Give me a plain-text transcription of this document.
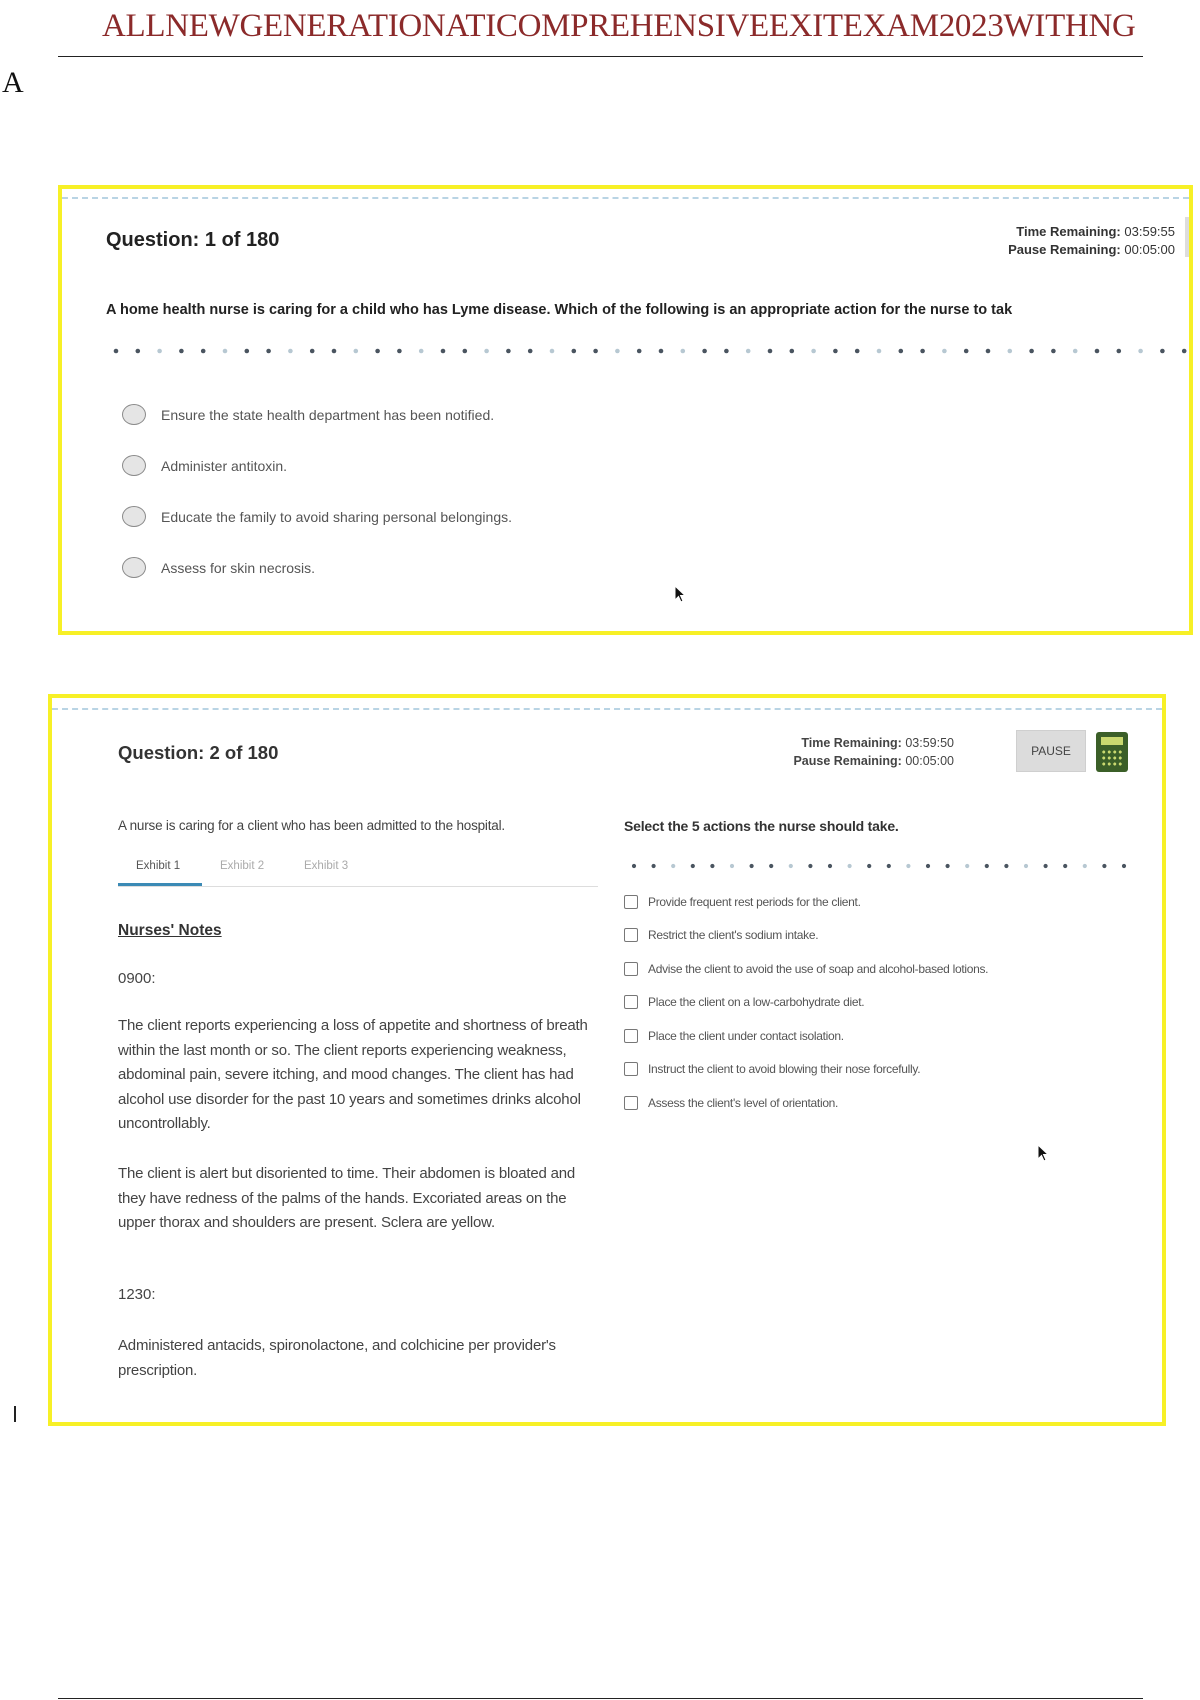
ALLNEWGENERATIONATICOMPREHENSIVEEXITEXAM2023WITHNG
A
Question: 1 of 180	Time Remaining: 03:59:55
Pause Remaining: 00:05:00
A home health nurse is caring for a child who has Lyme disease. Which of the following is an appropriate action for the nurse to tak
Ensure the state health department has been notified.
Administer antitoxin.
Educate the family to avoid sharing personal belongings.
Assess for skin necrosis.
Question: 2 of 180	Time Remaining: 03:59:50
Pause Remaining: 00:05:00
PAUSE
A nurse is caring for a client who has been admitted to the hospital.
Exhibit 1	Exhibit 2	Exhibit 3
Nurses' Notes
0900:
The client reports experiencing a loss of appetite and shortness of breath within the last month or so. The client reports experiencing weakness, abdominal pain, severe itching, and mood changes. The client has had alcohol use disorder for the past 10 years and sometimes drinks alcohol uncontrollably.
The client is alert but disoriented to time. Their abdomen is bloated and they have redness of the palms of the hands. Excoriated areas on the upper thorax and shoulders are present. Sclera are yellow.
1230:
Administered antacids, spironolactone, and colchicine per provider's prescription.
Select the 5 actions the nurse should take.
Provide frequent rest periods for the client.
Restrict the client's sodium intake.
Advise the client to avoid the use of soap and alcohol-based lotions.
Place the client on a low-carbohydrate diet.
Place the client under contact isolation.
Instruct the client to avoid blowing their nose forcefully.
Assess the client's level of orientation.
